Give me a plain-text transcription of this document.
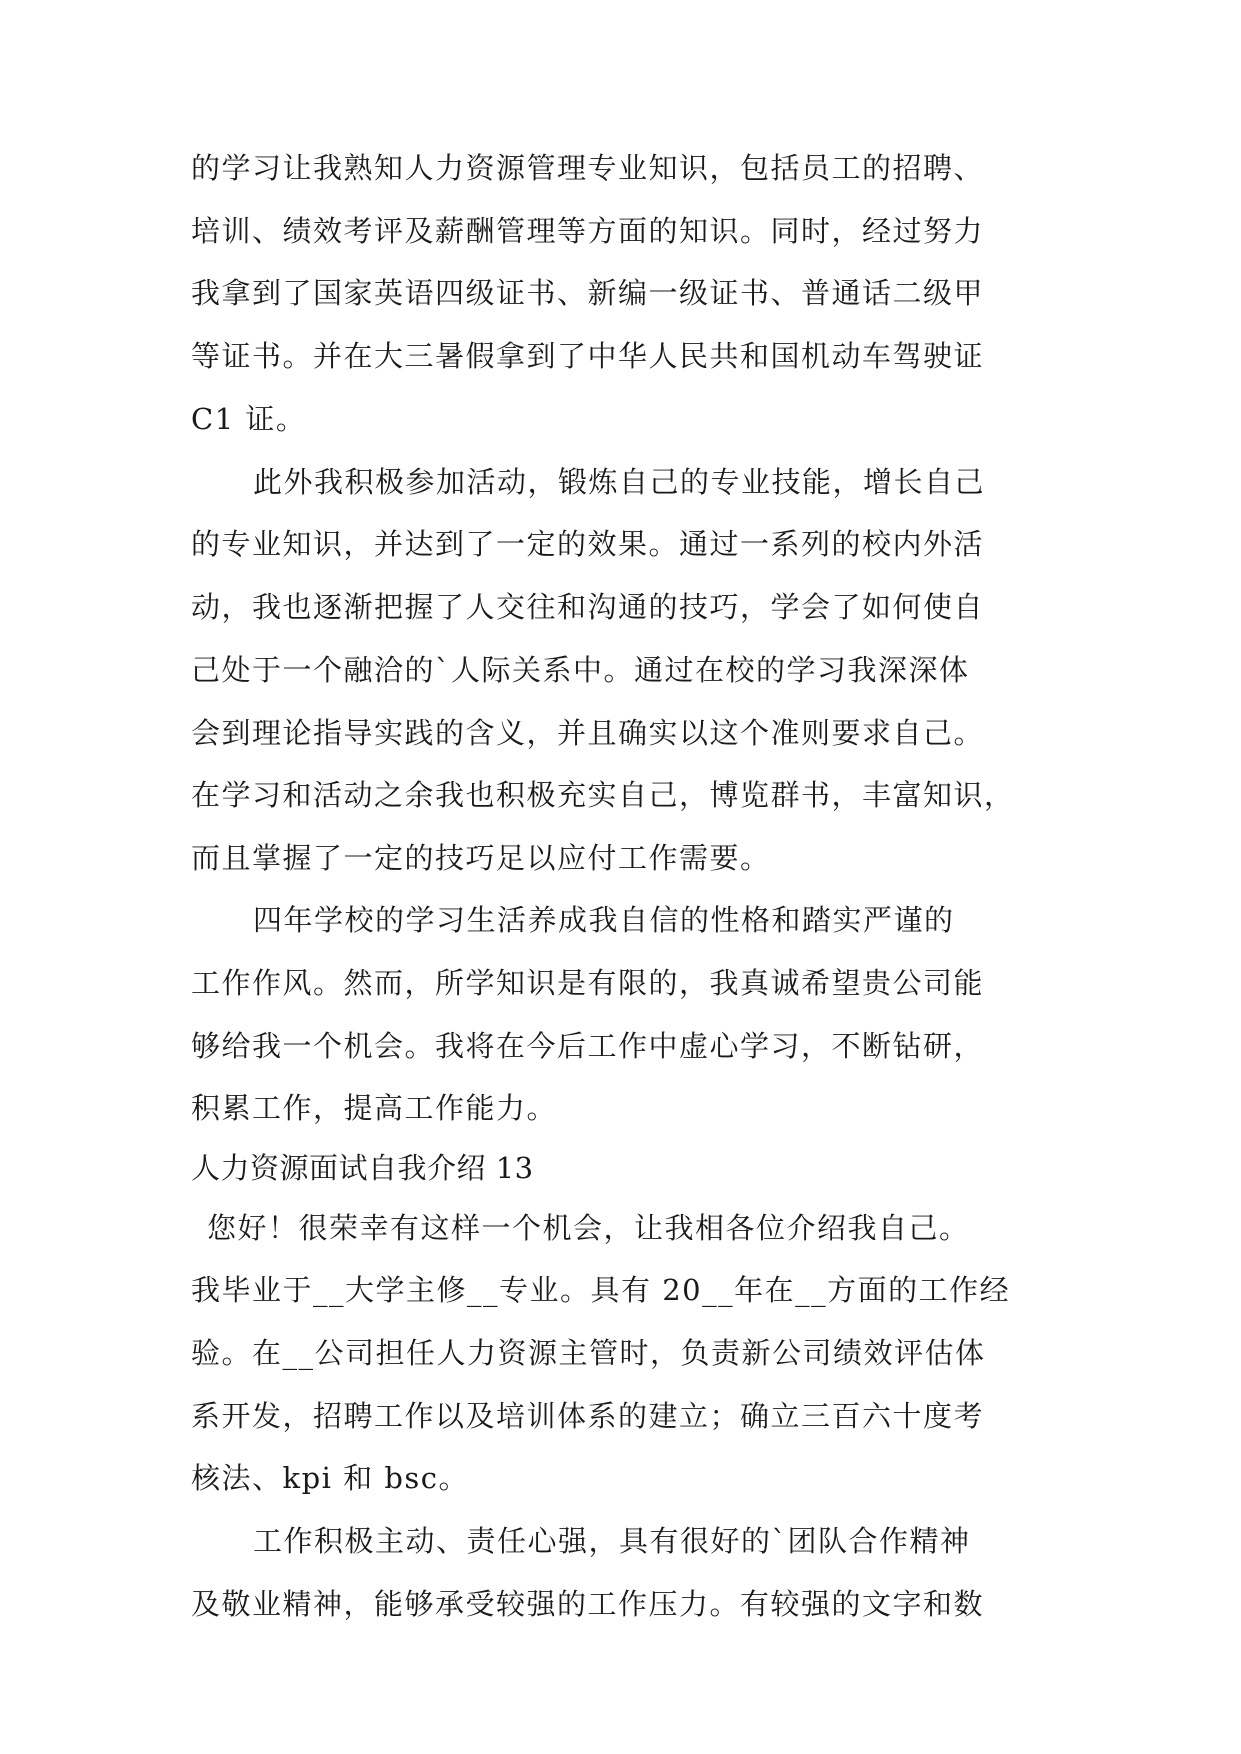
的学习让我熟知人力资源管理专业知识，包括员工的招聘、
培训、绩效考评及薪酬管理等方面的知识。同时，经过努力
我拿到了国家英语四级证书、新编一级证书、普通话二级甲
等证书。并在大三暑假拿到了中华人民共和国机动车驾驶证
C1 证。
此外我积极参加活动，锻炼自己的专业技能，增长自己
的专业知识，并达到了一定的效果。通过一系列的校内外活
动，我也逐渐把握了人交往和沟通的技巧，学会了如何使自
己处于一个融洽的`人际关系中。通过在校的学习我深深体
会到理论指导实践的含义，并且确实以这个准则要求自己。
在学习和活动之余我也积极充实自己，博览群书，丰富知识，
而且掌握了一定的技巧足以应付工作需要。
四年学校的学习生活养成我自信的性格和踏实严谨的
工作作风。然而，所学知识是有限的，我真诚希望贵公司能
够给我一个机会。我将在今后工作中虚心学习，不断钻研，
积累工作，提高工作能力。
人力资源面试自我介绍 13
您好！很荣幸有这样一个机会，让我相各位介绍我自己。
我毕业于__大学主修__专业。具有 20__年在__方面的工作经
验。在__公司担任人力资源主管时，负责新公司绩效评估体
系开发，招聘工作以及培训体系的建立；确立三百六十度考
核法、kpi 和 bsc。
工作积极主动、责任心强，具有很好的`团队合作精神
及敬业精神，能够承受较强的工作压力。有较强的文字和数
